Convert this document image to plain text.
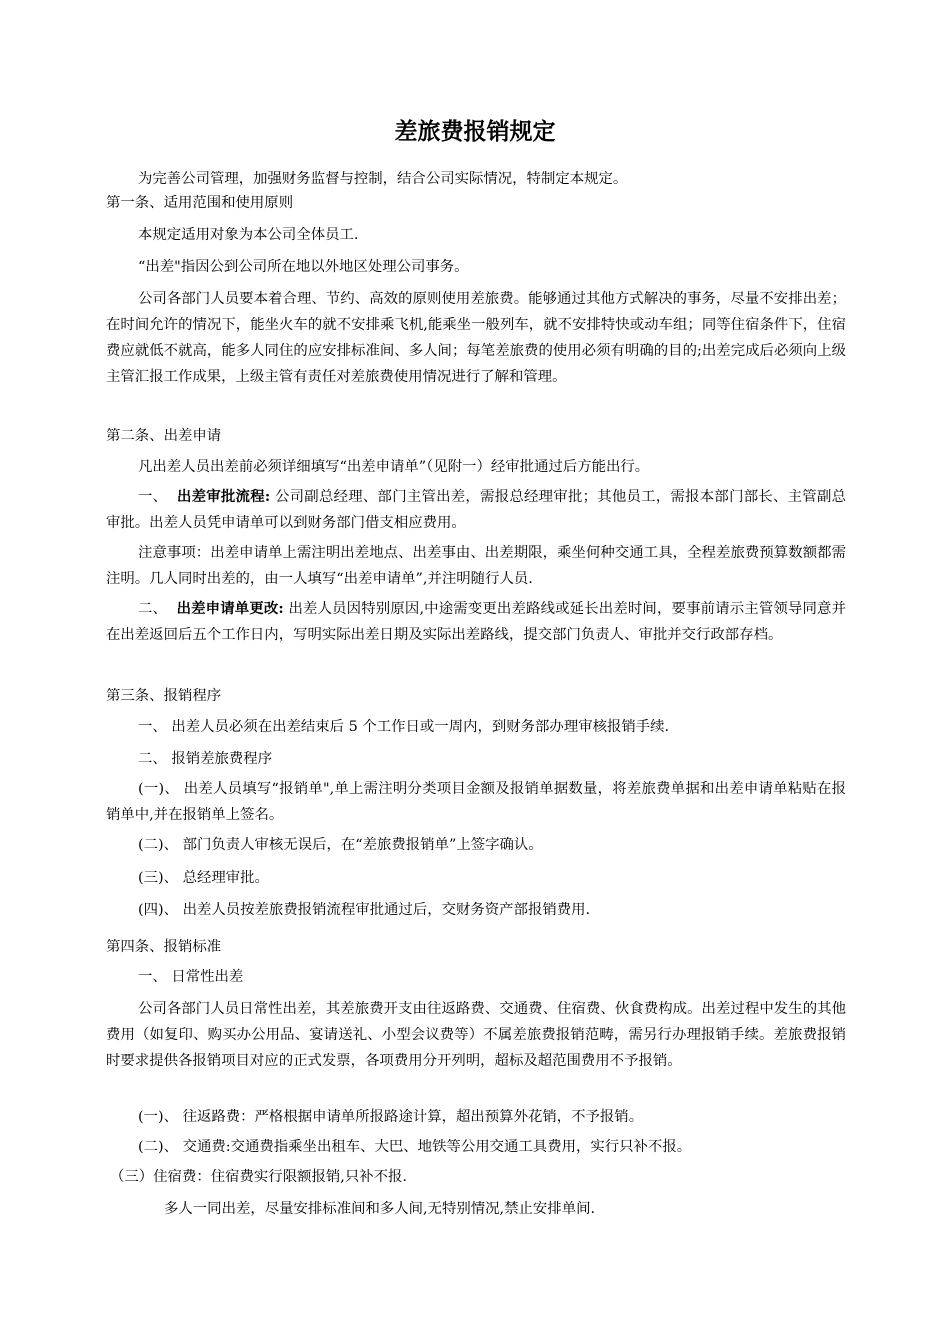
差旅费报销规定
为完善公司管理，加强财务监督与控制，结合公司实际情况，特制定本规定。
第一条、适用范围和使用原则
本规定适用对象为本公司全体员工.
“出差"指因公到公司所在地以外地区处理公司事务。
公司各部门人员要本着合理、节约、高效的原则使用差旅费。能够通过其他方式解决的事务，尽量不安排出差；在时间允许的情况下，能坐火车的就不安排乘飞机,能乘坐一般列车，就不安排特快或动车组；同等住宿条件下，住宿费应就低不就高，能多人同住的应安排标准间、多人间；每笔差旅费的使用必须有明确的目的;出差完成后必须向上级主管汇报工作成果，上级主管有责任对差旅费使用情况进行了解和管理。
第二条、出差申请
凡出差人员出差前必须详细填写“出差申请单”（见附一）经审批通过后方能出行。
一、 出差审批流程: 公司副总经理、部门主管出差，需报总经理审批；其他员工，需报本部门部长、主管副总审批。出差人员凭申请单可以到财务部门借支相应费用。
注意事项：出差申请单上需注明出差地点、出差事由、出差期限，乘坐何种交通工具，全程差旅费预算数额都需注明。几人同时出差的，由一人填写“出差申请单”,并注明随行人员.
二、 出差申请单更改: 出差人员因特别原因,中途需变更出差路线或延长出差时间，要事前请示主管领导同意并在出差返回后五个工作日内，写明实际出差日期及实际出差路线，提交部门负责人、审批并交行政部存档。
第三条、报销程序
一、 出差人员必须在出差结束后 5 个工作日或一周内，到财务部办理审核报销手续.
二、 报销差旅费程序
(一)、 出差人员填写“报销单",单上需注明分类项目金额及报销单据数量，将差旅费单据和出差申请单粘贴在报销单中,并在报销单上签名。
(二)、 部门负责人审核无误后，在“差旅费报销单”上签字确认。
(三)、 总经理审批。
(四)、 出差人员按差旅费报销流程审批通过后，交财务资产部报销费用.
第四条、报销标准
一、 日常性出差
公司各部门人员日常性出差，其差旅费开支由往返路费、交通费、住宿费、伙食费构成。出差过程中发生的其他费用（如复印、购买办公用品、宴请送礼、小型会议费等）不属差旅费报销范畴，需另行办理报销手续。差旅费报销时要求提供各报销项目对应的正式发票，各项费用分开列明，超标及超范围费用不予报销。
(一)、 往返路费：严格根据申请单所报路途计算，超出预算外花销，不予报销。
(二)、 交通费:交通费指乘坐出租车、大巴、地铁等公用交通工具费用，实行只补不报。
（三）住宿费：住宿费实行限额报销,只补不报.
多人一同出差，尽量安排标准间和多人间,无特别情况,禁止安排单间.
